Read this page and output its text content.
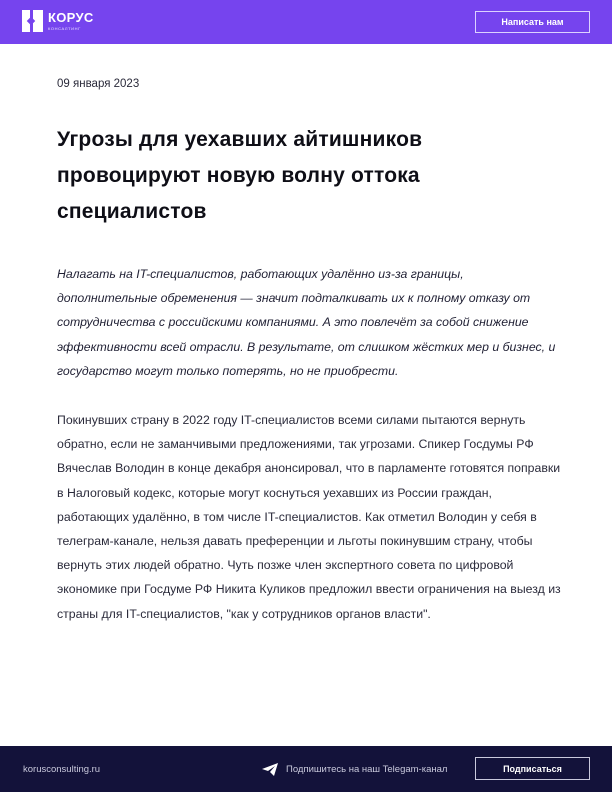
КОРУС
КОНСАЛТИНГ
Написать нам
09 января 2023
Угрозы для уехавших айтишников провоцируют новую волну оттока специалистов

Налагать на IT-специалистов, работающих удалённо из-за границы, дополнительные обременения — значит подталкивать их к полному отказу от сотрудничества с российскими компаниями. А это повлечёт за собой снижение эффективности всей отрасли. В результате, от слишком жёстких мер и бизнес, и государство могут только потерять, но не приобрести.

Покинувших страну в 2022 году IT-специалистов всеми силами пытаются вернуть обратно, если не заманчивыми предложениями, так угрозами. Спикер Госдумы РФ Вячеслав Володин в конце декабря анонсировал, что в парламенте готовятся поправки в Налоговый кодекс, которые могут коснуться уехавших из России граждан, работающих удалённо, в том числе IT-специалистов. Как отметил Володин у себя в телеграм-канале, нельзя давать преференции и льготы покинувшим страну, чтобы вернуть этих людей обратно. Чуть позже член экспертного совета по цифровой экономике при Госдуме РФ Никита Куликов предложил ввести ограничения на выезд из страны для IT-специалистов, "как у сотрудников органов власти".

korusconsulting.ru	Подпишитесь на наш Telegam-канал	Подписаться
